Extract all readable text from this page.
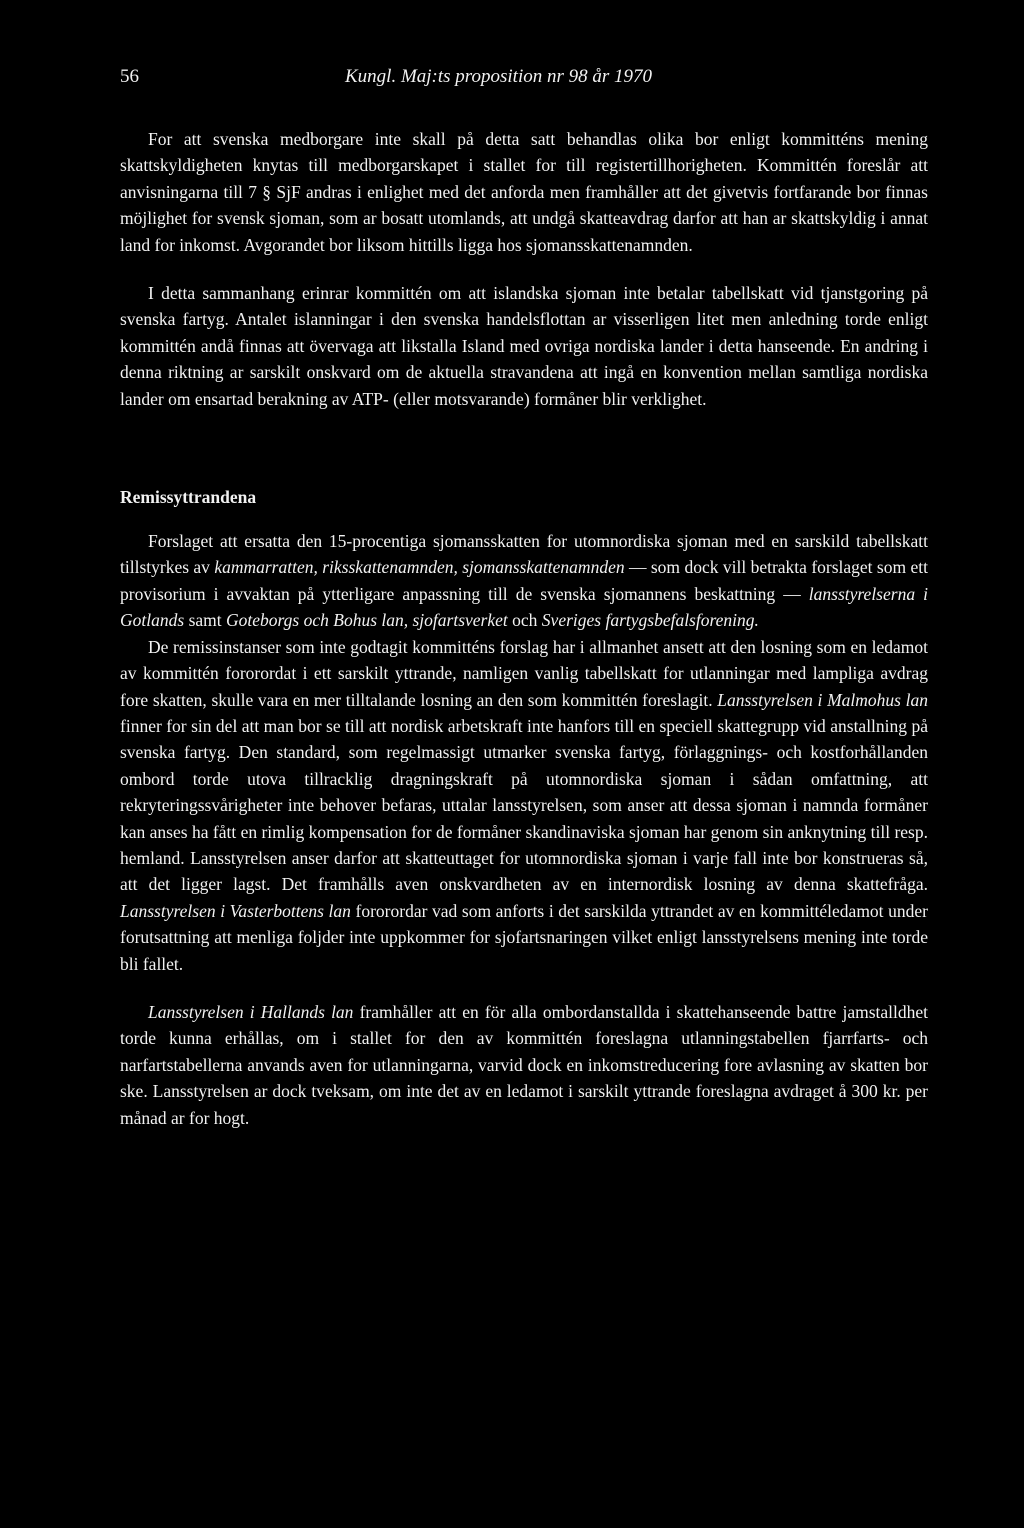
56	Kungl. Maj:ts proposition nr 98 år 1970

For att svenska medborgare inte skall på detta satt behandlas olika bor enligt kommitténs mening skattskyldigheten knytas till medborgarskapet i stallet for till registertillhorigheten. Kommittén foreslår att anvisningarna till 7 § SjF andras i enlighet med det anforda men framhåller att det givetvis fortfarande bor finnas möjlighet for svensk sjoman, som ar bosatt utomlands, att undgå skatteavdrag darfor att han ar skattskyldig i annat land for inkomst. Avgorandet bor liksom hittills ligga hos sjomansskattenamnden.

I detta sammanhang erinrar kommittén om att islandska sjoman inte betalar tabellskatt vid tjanstgoring på svenska fartyg. Antalet islanningar i den svenska handelsflottan ar visserligen litet men anledning torde enligt kommittén andå finnas att övervaga att likstalla Island med ovriga nordiska lander i detta hanseende. En andring i denna riktning ar sarskilt onskvard om de aktuella stravandena att ingå en konvention mellan samtliga nordiska lander om ensartad berakning av ATP- (eller motsvarande) formåner blir verklighet.

Remissyttrandena

Forslaget att ersatta den 15-procentiga sjomansskatten for utomnordiska sjoman med en sarskild tabellskatt tillstyrkes av kammarratten, riksskattenamnden, sjomansskattenamnden — som dock vill betrakta forslaget som ett provisorium i avvaktan på ytterligare anpassning till de svenska sjomannens beskattning — lansstyrelserna i Gotlands samt Goteborgs och Bohus lan, sjofartsverket och Sveriges fartygsbefalsforening.

De remissinstanser som inte godtagit kommitténs forslag har i allmanhet ansett att den losning som en ledamot av kommittén fororordat i ett sarskilt yttrande, namligen vanlig tabellskatt for utlanningar med lampliga avdrag fore skatten, skulle vara en mer tilltalande losning an den som kommittén foreslagit. Lansstyrelsen i Malmohus lan finner for sin del att man bor se till att nordisk arbetskraft inte hanfors till en speciell skattegrupp vid anstallning på svenska fartyg. Den standard, som regelmassigt utmarker svenska fartyg, förlaggnings- och kostforhållanden ombord torde utova tillracklig dragningskraft på utomnordiska sjoman i sådan omfattning, att rekryteringssvårigheter inte behover befaras, uttalar lansstyrelsen, som anser att dessa sjoman i namnda formåner kan anses ha fått en rimlig kompensation for de formåner skandinaviska sjoman har genom sin anknytning till resp. hemland. Lansstyrelsen anser darfor att skatteuttaget for utomnordiska sjoman i varje fall inte bor konstrueras så, att det ligger lagst. Det framhålls aven onskvardheten av en internordisk losning av denna skattefråga. Lansstyrelsen i Vasterbottens lan fororordar vad som anforts i det sarskilda yttrandet av en kommittéledamot under forutsattning att menliga foljder inte uppkommer for sjofartsnaringen vilket enligt lansstyrelsens mening inte torde bli fallet.

Lansstyrelsen i Hallands lan framhåller att en för alla ombordanstallda i skattehanseende battre jamstalldhet torde kunna erhållas, om i stallet for den av kommittén foreslagna utlanningstabellen fjarrfarts- och narfartstabellerna anvands aven for utlanningarna, varvid dock en inkomstreducering fore avlasning av skatten bor ske. Lansstyrelsen ar dock tveksam, om inte det av en ledamot i sarskilt yttrande foreslagna avdraget å 300 kr. per månad ar for hogt.
